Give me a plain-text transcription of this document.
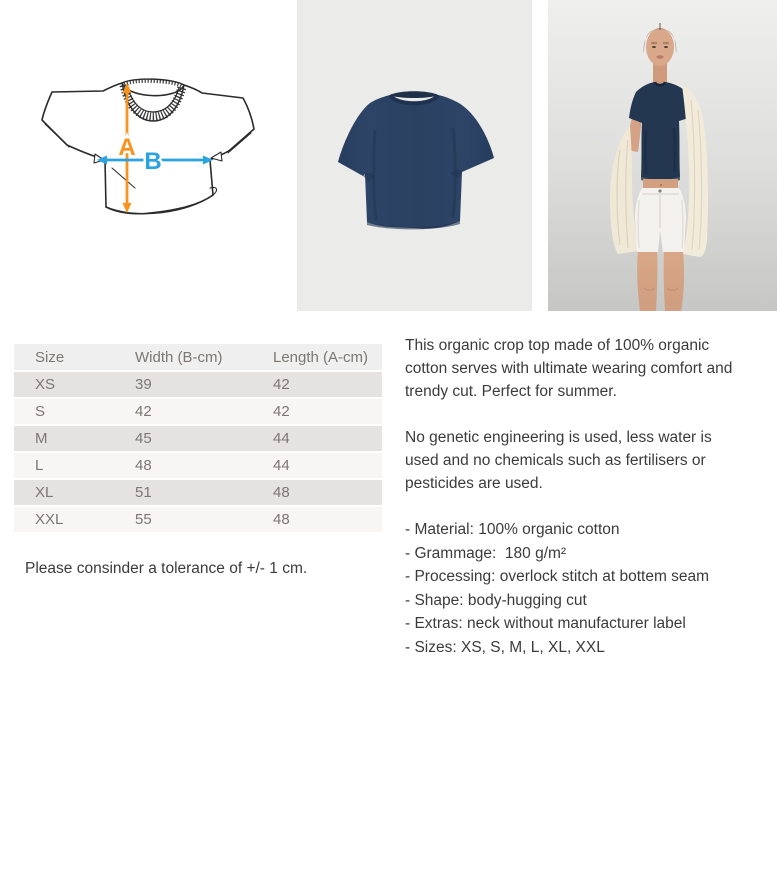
A
B
Size	Width (B-cm)	Length (A-cm)
XS	39	42
S	42	42
M	45	44
L	48	44
XL	51	48
XXL	55	48
Please consinder a tolerance of +/- 1 cm.

This organic crop top made of 100% organic cotton serves with ultimate wearing comfort and trendy cut. Perfect for summer.

No genetic engineering is used, less water is used and no chemicals such as fertilisers or pesticides are used.

- Material: 100% organic cotton
- Grammage:  180 g/m²
- Processing: overlock stitch at bottem seam
- Shape: body-hugging cut
- Extras: neck without manufacturer label
- Sizes: XS, S, M, L, XL, XXL
